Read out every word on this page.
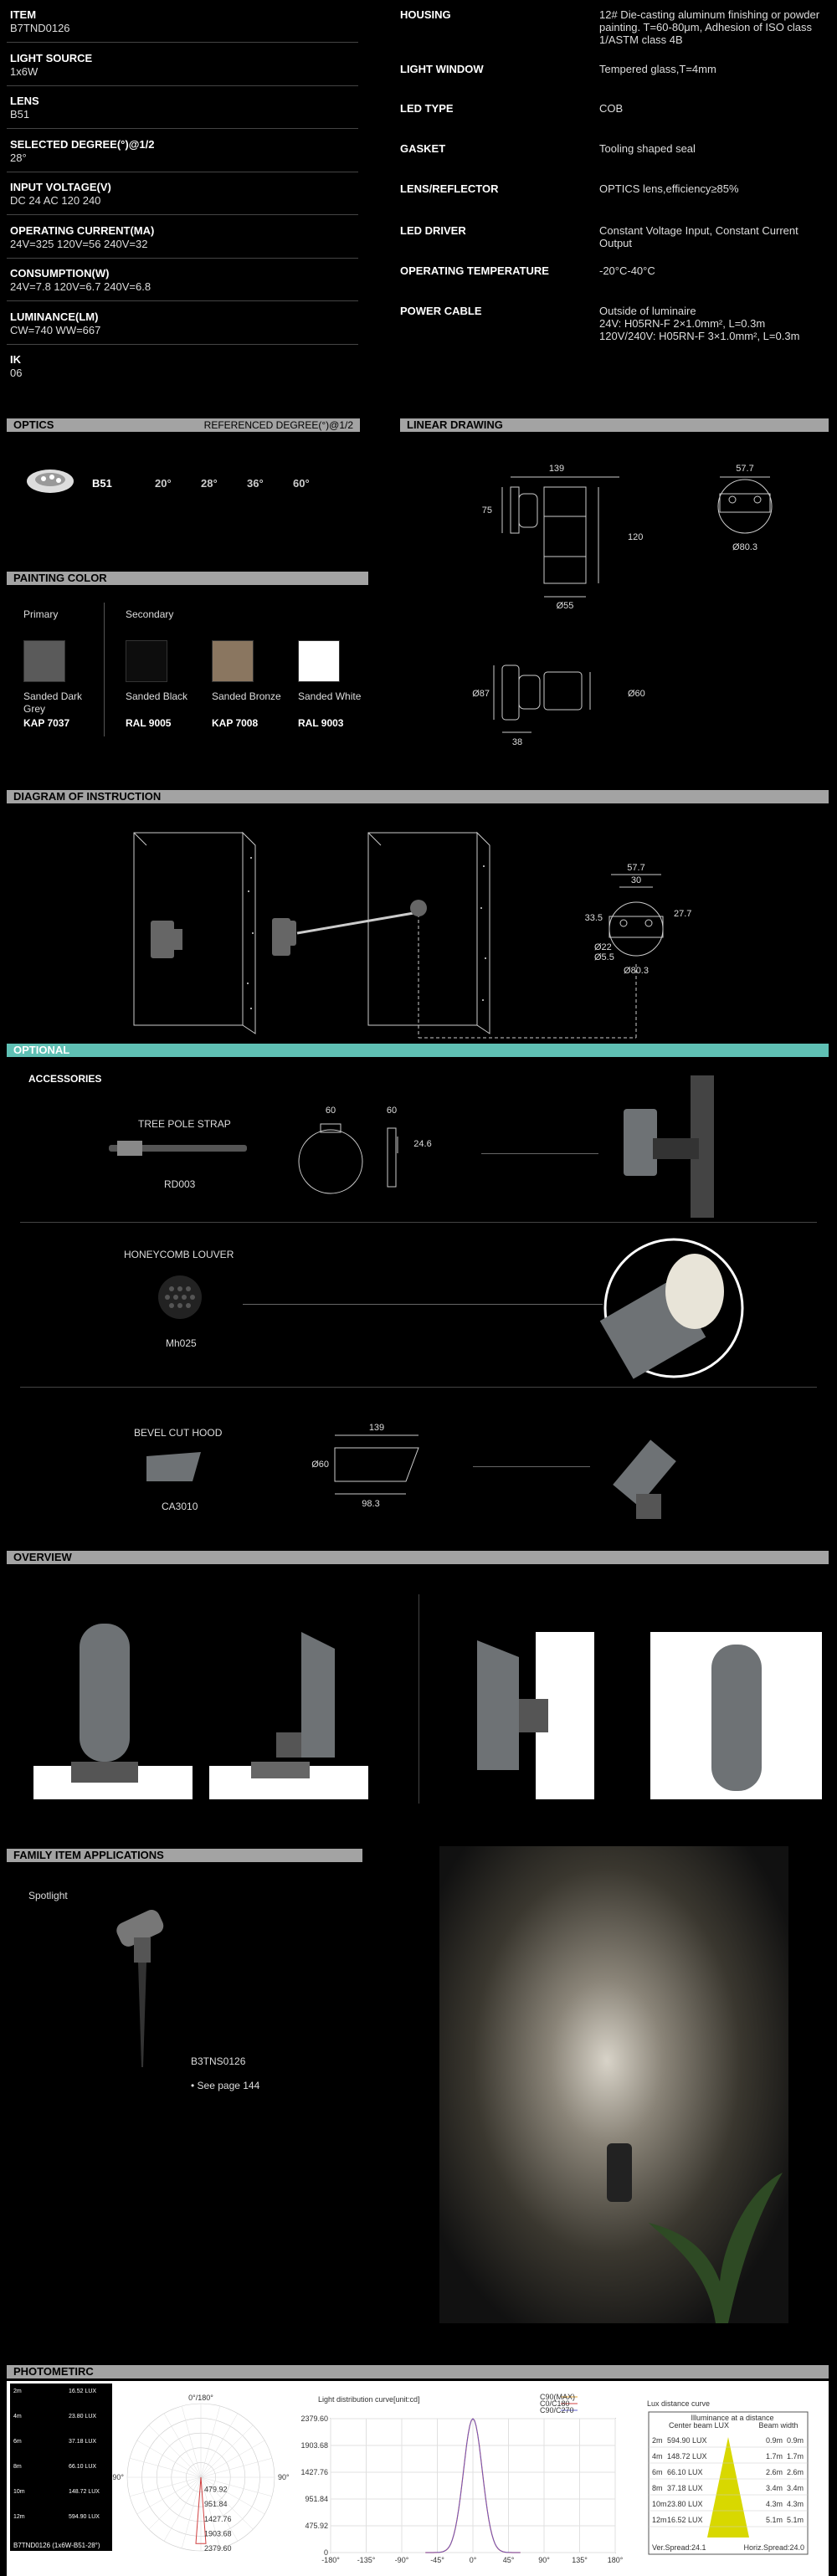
ITEM
B7TND0126
LIGHT SOURCE
1x6W
LENS
B51
SELECTED DEGREE(°)@1/2
28°
INPUT VOLTAGE(V)
DC 24 AC 120 240
OPERATING CURRENT(MA)
24V=325 120V=56 240V=32
CONSUMPTION(W)
24V=7.8 120V=6.7 240V=6.8
LUMINANCE(LM)
CW=740 WW=667
IK
06
HOUSING	12# Die-casting aluminum finishing or powder painting. T=60-80μm, Adhesion of ISO class 1/ASTM class 4B
LIGHT WINDOW	Tempered glass,T=4mm
LED TYPE	COB
GASKET	Tooling shaped seal
LENS/REFLECTOR	OPTICS lens,efficiency≥85%
LED DRIVER	Constant Voltage Input, Constant Current Output
OPERATING TEMPERATURE	-20°C-40°C
POWER CABLE	Outside of luminaire
24V: H05RN-F 2×1.0mm², L=0.3m
120V/240V: H05RN-F 3×1.0mm², L=0.3m
OPTICS	REFERENCED DEGREE(°)@1/2
B51	20°	28°	36°	60°
LINEAR DRAWING
139
75
120
Ø55
57.7
Ø80.3
Ø87	Ø60
38
PAINTING COLOR
Primary	Secondary
Sanded Dark Grey
KAP 7037
Sanded Black
RAL 9005
Sanded Bronze
KAP 7008
Sanded White
RAL 9003
DIAGRAM OF INSTRUCTION
57.7
30
33.5	27.7
Ø22
Ø5.5
Ø80.3
OPTIONAL
ACCESSORIES
TREE POLE STRAP
RD003
60	60
24.6
HONEYCOMB LOUVER
Mh025
BEVEL CUT HOOD
CA3010
139
Ø60
98.3
OVERVIEW
FAMILY ITEM APPLICATIONS
Spotlight
B3TNS0126
• See page 144
PHOTOMETIRC
2m	16.52 LUX
4m	23.80 LUX
6m	37.18 LUX
8m	66.10 LUX
10m	148.72 LUX
12m	594.90 LUX
B7TND0126 (1x6W-B51-28°)
0°/180°
90°	90°
479.92
951.84
1427.76
1903.68
2379.60
Light distribution curve[unit:cd]	C90(MAX)
C0/C180
C90/C270
2379.60
1903.68
1427.76
951.84
475.92
0
-180° -135°	-90°	-45°	0°	45°	90°	135°	180°
Lux distance curve
Illuminance at a distance
Center beam LUX	Beam width
2m 594.90 LUX	0.9m 0.9m
4m 148.72 LUX	1.7m 1.7m
6m 66.10 LUX	2.6m 2.6m
8m 37.18 LUX	3.4m 3.4m
10m 23.80 LUX	4.3m 4.3m
12m 16.52 LUX	5.1m 5.1m
Ver.Spread:24.1	Horiz.Spread:24.0
